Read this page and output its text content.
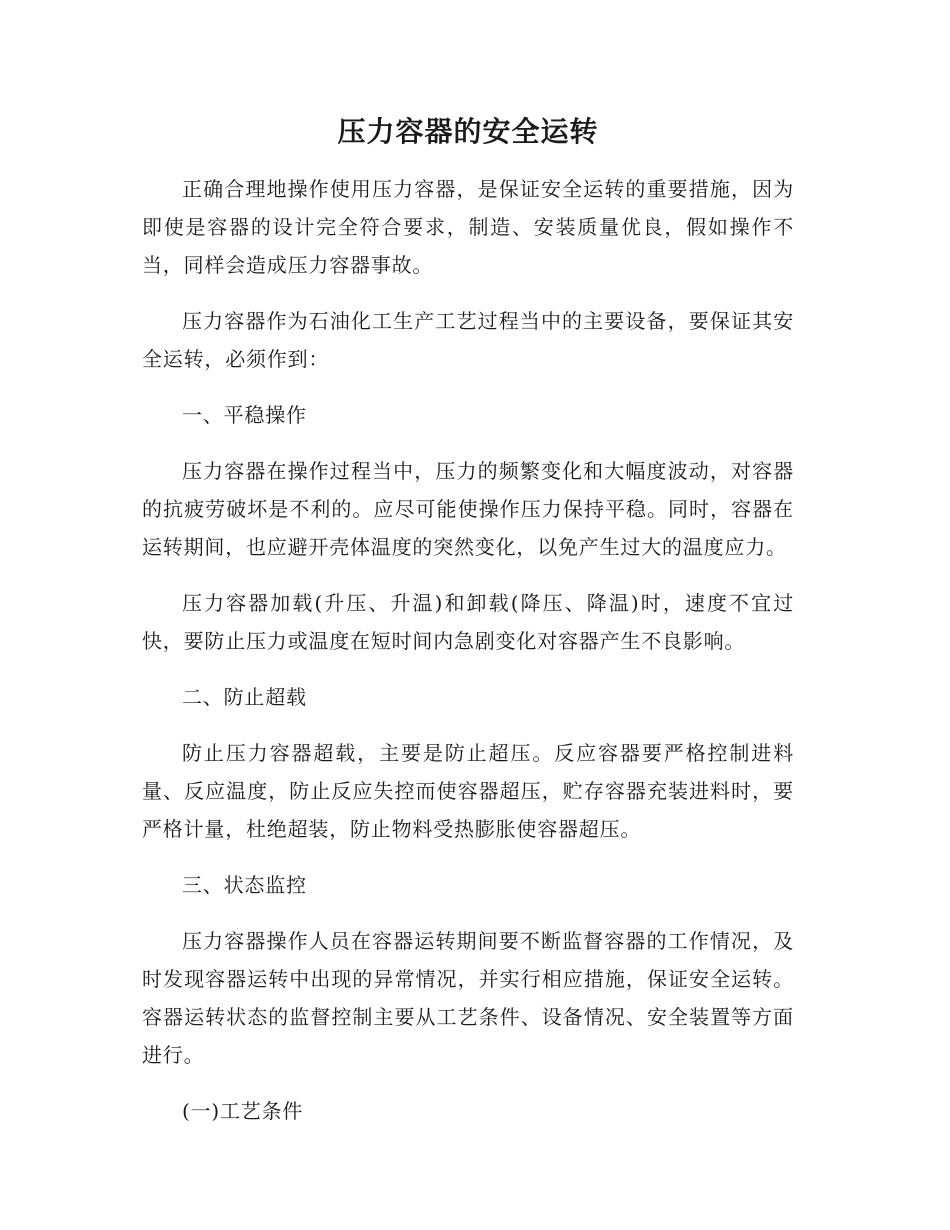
压力容器的安全运转

正确合理地操作使用压力容器，是保证安全运转的重要措施，因为即使是容器的设计完全符合要求，制造、安装质量优良，假如操作不当，同样会造成压力容器事故。

压力容器作为石油化工生产工艺过程当中的主要设备，要保证其安全运转，必须作到：

一、平稳操作

压力容器在操作过程当中，压力的频繁变化和大幅度波动，对容器的抗疲劳破坏是不利的。应尽可能使操作压力保持平稳。同时，容器在运转期间，也应避开壳体温度的突然变化，以免产生过大的温度应力。

压力容器加载(升压、升温)和卸载(降压、降温)时，速度不宜过快，要防止压力或温度在短时间内急剧变化对容器产生不良影响。

二、防止超载

防止压力容器超载，主要是防止超压。反应容器要严格控制进料量、反应温度，防止反应失控而使容器超压，贮存容器充装进料时，要严格计量，杜绝超装，防止物料受热膨胀使容器超压。

三、状态监控

压力容器操作人员在容器运转期间要不断监督容器的工作情况，及时发现容器运转中出现的异常情况，并实行相应措施，保证安全运转。容器运转状态的监督控制主要从工艺条件、设备情况、安全装置等方面进行。

(一)工艺条件
